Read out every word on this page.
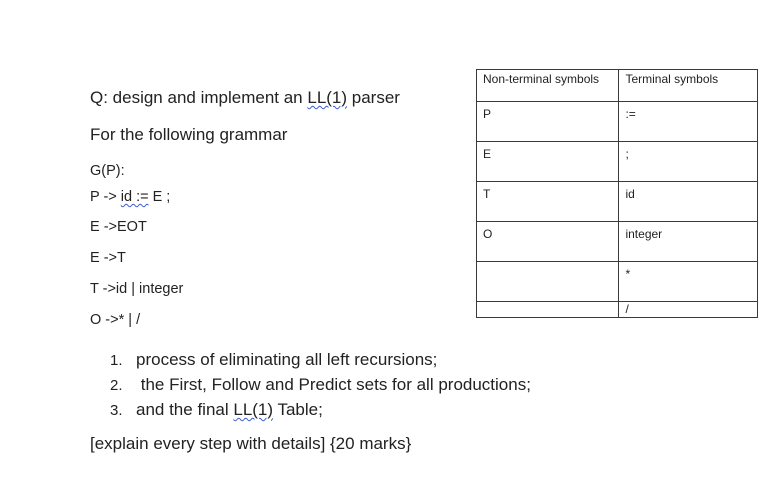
Q: design and implement an LL(1) parser
For the following grammar
G(P):
P -> id := E ;
E ->EOT
E ->T
T ->id | integer
O ->* | /
1. process of eliminating all left recursions;
2. the First, Follow and Predict sets for all productions;
3. and the final LL(1) Table;
[explain every step with details] {20 marks}
Non-terminal symbols	Terminal symbols
P	:=
E	;
T	id
O	integer
	*
	/
